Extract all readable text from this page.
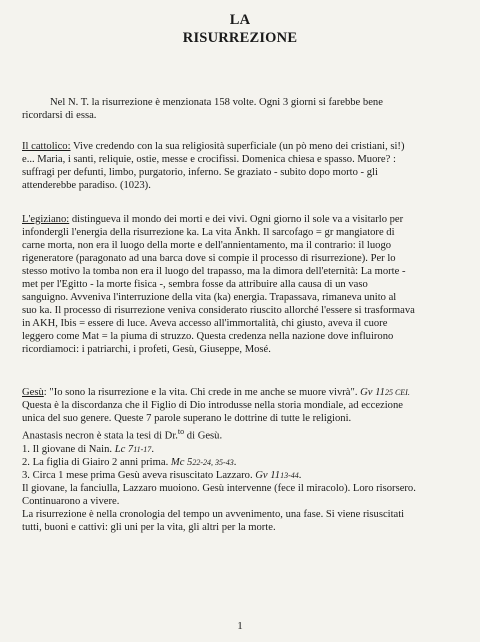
LA
RISURREZIONE
Nel N. T. la risurrezione è menzionata 158 volte. Ogni 3 giorni si farebbe bene
ricordarsi di essa.
Il cattolico: Vive credendo con la sua religiosità superficiale (un pò meno dei cristiani, si!)
e... Maria, i santi, reliquie, ostie, messe e crocifissi. Domenica chiesa e spasso. Muore? :
suffragi per defunti, limbo, purgatorio, inferno. Se graziato - subito dopo morto - gli
attenderebbe paradiso. (1023).
L'egiziano: distingueva il mondo dei morti e dei vivi. Ogni giorno il sole va a visitarlo per
infondergli l'energia della risurrezione ka. La vita Ānkh. Il sarcofago = gr mangiatore di
carne morta, non era il luogo della morte e dell'annientamento, ma il contrario: il luogo
rigeneratore (paragonato ad una barca dove si compie il processo di risurrezione). Per lo
stesso motivo la tomba non era il luogo del trapasso, ma la dimora dell'eternità: La morte -
met per l'Egitto - la morte fisica -, sembra fosse da attribuire alla causa di un vaso
sanguigno. Avveniva l'interruzione della vita (ka) energia. Trapassava, rimaneva unito al
suo ka. Il processo di risurrezione veniva considerato riuscito allorché l'essere si trasformava
in AKH, Ibis = essere di luce. Aveva accesso all'immortalità, chi giusto, aveva il cuore
leggero come Mat = la piuma di struzzo. Questa credenza nella nazione dove influirono
ricordiamoci: i patriarchi, i profeti, Gesù, Giuseppe, Mosé.
Gesù: "Io sono la risurrezione e la vita. Chi crede in me anche se muore vivrà". Gv 1125 CEI.
Questa è la discordanza che il Figlio di Dio introdusse nella storia mondiale, ad eccezione
unica del suo genere. Queste 7 parole superano le dottrine di tutte le religioni.
Anastasis necron è stata la tesi di Dr.$^{to}$ di Gesù.
1. Il giovane di Nain. Lc 711-17.
2. La figlia di Giairo 2 anni prima. Mc 522-24, 35-43.
3. Circa 1 mese prima Gesù aveva risuscitato Lazzaro. Gv 1113-44.
Il giovane, la fanciulla, Lazzaro muoiono. Gesù intervenne (fece il miracolo). Loro risorsero.
Continuarono a vivere.
La risurrezione è nella cronologia del tempo un avvenimento, una fase. Si viene risuscitati
tutti, buoni e cattivi: gli uni per la vita, gli altri per la morte.
1
